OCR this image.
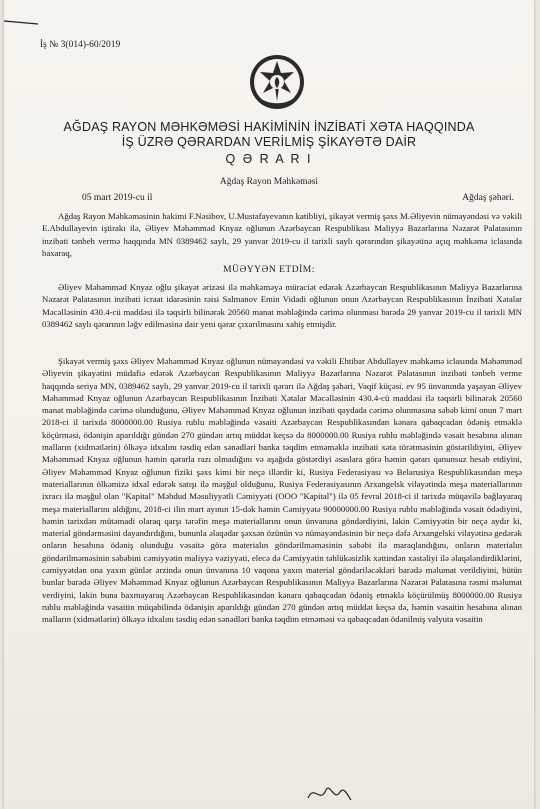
İş № 3(014)-60/2019
AĞDAŞ RAYON MƏHKƏMƏSİ HAKİMİNİN İNZİBATİ XƏTA HAQQINDA
İŞ ÜZRƏ QƏRARDAN VERİLMİŞ ŞİKAYƏTƏ DAİR
Q Ə R A R I
Ağdaş Rayon Məhkəməsi
05 mart 2019-cu il	Ağdaş şəhəri.

Ağdaş Rayon Məhkəməsinin hakimi F.Nəsibov, U.Mustafayevanın katibliyi, şikayət vermiş şəxs M.Əliyevin nümayəndəsi və vəkili E.Abdullayevin iştirakı ilə, Əliyev Məhəmməd Knyaz oğlunun Azərbaycan Respublikası Maliyyə Bazarlarına Nəzarət Palatasının inzibati tənbeh vermə haqqında MN 0389462 saylı, 29 yanvar 2019-cu il tarixli saylı qərarından şikayətinə açıq məhkəmə iclasında baxaraq,

MÜƏYYƏN ETDİM:

Əliyev Məhəmməd Knyaz oğlu şikayət ərizəsi ilə məhkəməyə müraciət edərək Azərbaycan Respublikasının Maliyyə Bazarlarına Nəzarət Palatasının inzibati icraat idarəsinin rəisi Salmanov Emin Vidadi oğlunun onun Azərbaycan Respublikasının İnzibati Xətalar Məcəlləsinin 430.4-cü maddəsi ilə təqsirli bilinərək 20560 manat məbləğində cərimə olunması barədə 29 yanvar 2019-cu il tarixli MN 0389462 saylı qərarının ləğv edilməsinə dair yeni qərar çıxarılmasını xahiş etmişdir.

Şikayət vermiş şəxs Əliyev Məhəmməd Knyaz oğlunun nümayəndəsi və vəkili Ehtibar Abdullayev məhkəmə iclasında Məhəmməd Əliyevin şikayətini müdafiə edərək Azərbaycan Respublikasının Maliyyə Bazarlarına Nəzarət Palatasının inzibati tənbeh verme haqqında seriya MN, 0389462 saylı, 29 yanvar 2019-cu il tarixli qərarı ilə Ağdaş şəhəri, Vaqif küçəsi. ev 95 ünvanında yaşayan Əliyev Məhəmməd Knyaz oğlunun Azərbaycan Respublikasının İnzibati Xətalar Məcəlləsinin 430.4-cü maddəsi ilə təqsirli bilinərək 20560 manat məbləğində cərimə olunduğunu, Əliyev Məhəmməd Knyaz oğlunun inzibati qaydada cərimə olunmasına səbəb kimi onun 7 mart 2018-ci il tarixdə 8000000.00 Rusiya rublu məbləğində vəsaiti Azərbaycan Respublikasından kənara qabaqcadan ödəniş etməklə köçürməsi, ödənişin aparıldığı gündən 270 gündən artıq müddət keçsə də 8000000.00 Rusiya rublu məbləğində vəsait hesabına alınan malların (xidmətlərin) ölkəyə idxalını təsdiq edən sənədləri banka təqdim etməməklə inzibati xəta törətməsinin göstərildiyini, Əliyev Məhəmməd Knyaz oğlunun həmin qərarla razı olmadığını və aşağıda göstərdiyi əsaslara görə həmin qərarı qanunsuz hesab etdiyini, Əliyev Məhəmməd Knyaz oğlunun fiziki şəxs kimi bir neçə illərdir ki, Rusiya Federasiyası və Belarusiya Respublikasından meşə materiallarının ölkəmizə idxal edərək satışı ilə məşğul olduğunu, Rusiya Federasiyasının Arxangelsk vilayətində meşə materiallarının ixracı ilə məşğul olan "Kapital" Məhdud Məsuliyyətli Cəmiyyəti (OOO "Kapital") ilə 05 fevral 2018-ci il tarixdə müqavilə bağlayaraq meşə materiallarını aldığını, 2018-ci ilin mart ayının 15-dək həmin Cəmiyyətə 90000000.00 Rusiya rublu məbləğində vəsait ödədiyini, həmin tarixdən mütəmadi olaraq qarşı tərəfin meşə materiallarını onun ünvanına göndərdiyini, lakin Cəmiyyətin bir neçə aydır ki, material göndərməsini dayandırdığını, bununla əlaqədar şəxsən özünün və nümayəndəsinin bir neçə dəfə Arxangelski vilayətinə gedərək onların hesabına ödəniş olunduğu vəsaitə görə materialın göndərilməməsinin səbəbi ilə maraqlandığını, onların materialın göndərilməməsinin səbəbini cəmiyyətin maliyyə vəziyyəti, elecə də Cəmiyyətin təhlükəsizlik xəttindən xəstəliyi ilə əlaqələndirdiklərini, cəmiyyətdən ona yaxın günlər ərzində onun ünvanına 10 vaqona yaxın material göndəriləcəkləri barədə məlumat verildiyini, bütün bunlar barədə Əliyev Məhəmməd Knyaz oğlunun Azərbaycan Respublikasının Maliyyə Bazarlarına Nəzarət Palatasına rəsmi məlumat verdiyini, lakin buna baxmayaraq Azərbaycan Respublikasından kənara qabaqcadan ödəniş etməklə köçürülmüş 8000000.00 Rusiya rublu məbləğində vəsaitin müqabilində ödənişin aparıldığı gündən 270 gündən artıq müddət keçsə də, həmin vəsaitin hesabına alınan malların (xidmətlərin) ölkəyə idxalını təsdiq edən sənədləri banka təqdim etməməsi və qabaqcadan ödənilmiş valyuta vəsaitin
